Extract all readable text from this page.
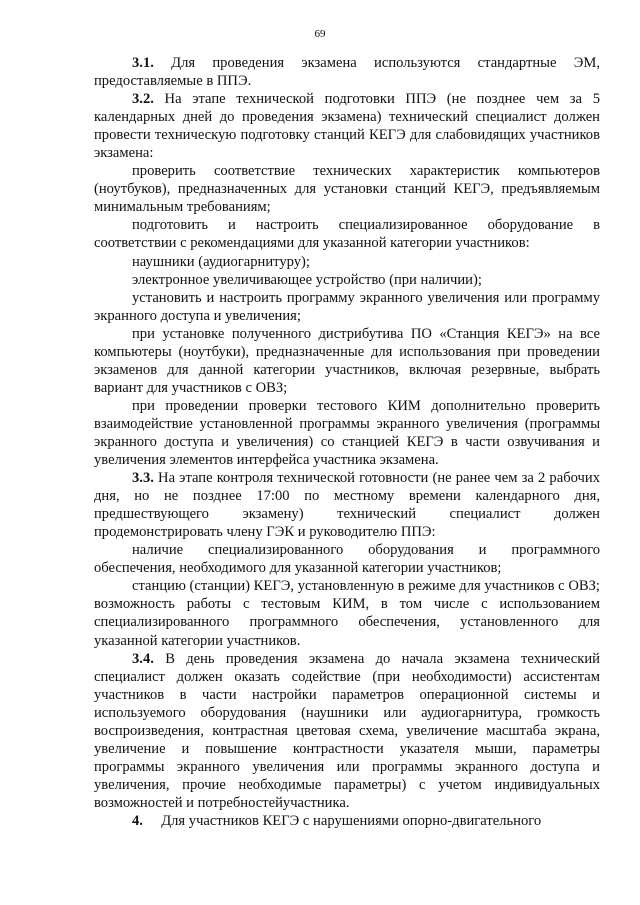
69

3.1. Для проведения экзамена используются стандартные ЭМ, предоставляемые в ППЭ.

3.2. На этапе технической подготовки ППЭ (не позднее чем за 5 календарных дней до проведения экзамена) технический специалист должен провести техническую подготовку станций КЕГЭ для слабовидящих участников экзамена:

проверить соответствие технических характеристик компьютеров (ноутбуков), предназначенных для установки станций КЕГЭ, предъявляемым минимальным требованиям;

подготовить и настроить специализированное оборудование в соответствии с рекомендациями для указанной категории участников:

наушники (аудиогарнитуру);

электронное увеличивающее устройство (при наличии);

установить и настроить программу экранного увеличения или программу экранного доступа и увеличения;

при установке полученного дистрибутива ПО «Станция КЕГЭ» на все компьютеры (ноутбуки), предназначенные для использования при проведении экзаменов для данной категории участников, включая резервные, выбрать вариант для участников с ОВЗ;

при проведении проверки тестового КИМ дополнительно проверить взаимодействие установленной программы экранного увеличения (программы экранного доступа и увеличения) со станцией КЕГЭ в части озвучивания и увеличения элементов интерфейса участника экзамена.

3.3. На этапе контроля технической готовности (не ранее чем за 2 рабочих дня, но не позднее 17:00 по местному времени календарного дня, предшествующего экзамену) технический специалист должен продемонстрировать члену ГЭК и руководителю ППЭ:

наличие специализированного оборудования и программного обеспечения, необходимого для указанной категории участников;

станцию (станции) КЕГЭ, установленную в режиме для участников с ОВЗ; возможность работы с тестовым КИМ, в том числе с использованием специализированного программного обеспечения, установленного для указанной категории участников.

3.4. В день проведения экзамена до начала экзамена технический специалист должен оказать содействие (при необходимости) ассистентам участников в части настройки параметров операционной системы и используемого оборудования (наушники или аудиогарнитура, громкость воспроизведения, контрастная цветовая схема, увеличение масштаба экрана, увеличение и повышение контрастности указателя мыши, параметры программы экранного увеличения или программы экранного доступа и увеличения, прочие необходимые параметры) с учетом индивидуальных возможностей и потребностейучастника.

4.     Для участников КЕГЭ с нарушениями опорно-двигательного
